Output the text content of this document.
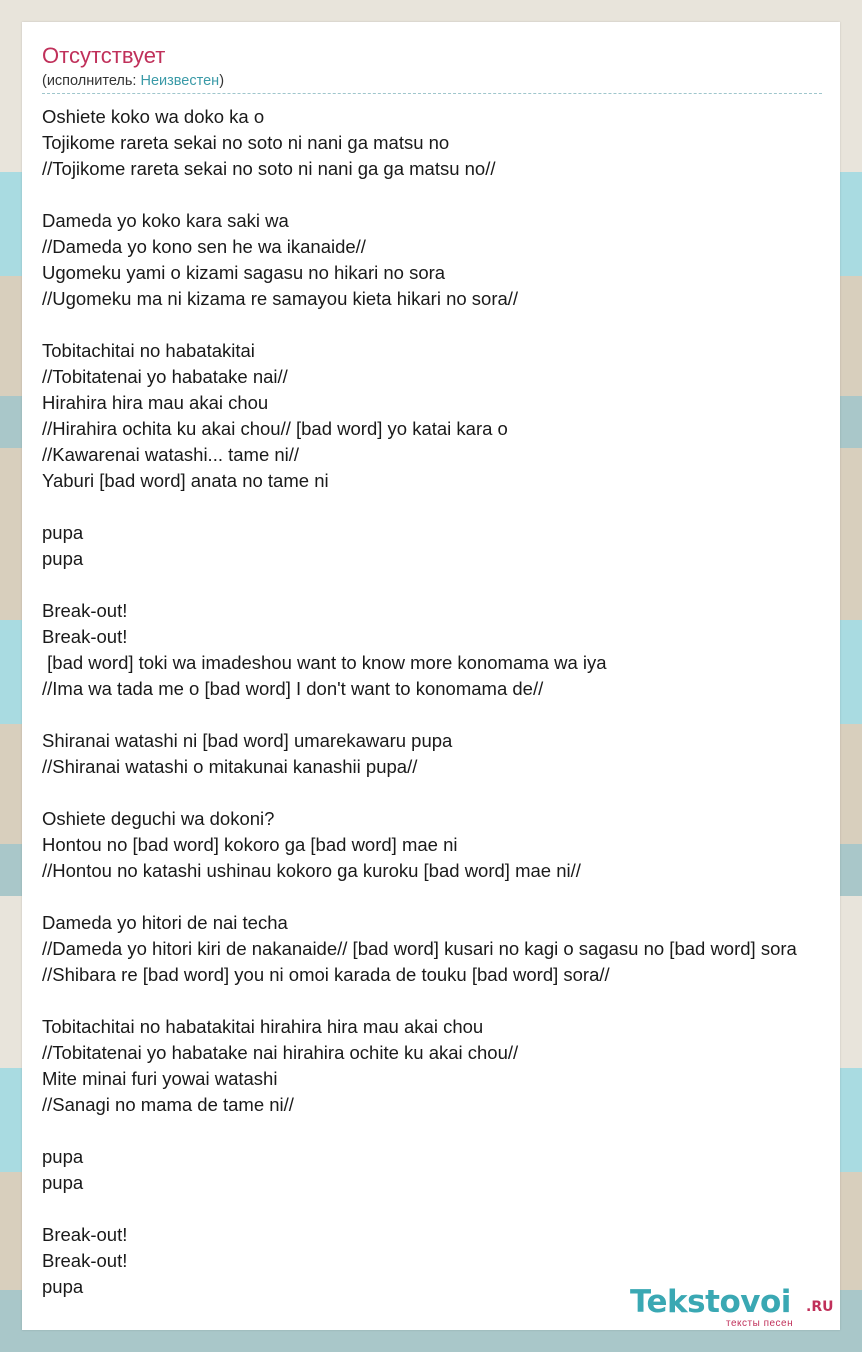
Отсутствует
(исполнитель: Неизвестен)
Oshiete koko wa doko ka o
Tojikome rareta sekai no soto ni nani ga matsu no
//Tojikome rareta sekai no soto ni nani ga ga matsu no//
Dameda yo koko kara saki wa
//Dameda yo kono sen he wa ikanaide//
Ugomeku yami o kizami sagasu no hikari no sora
//Ugomeku ma ni kizama re samayou kieta hikari no sora//
Tobitachitai no habatakitai
//Tobitatenai yo habatake nai//
Hirahira hira mau akai chou
//Hirahira ochita ku akai chou// [bad word] yo katai kara o
//Kawarenai watashi... tame ni//
Yaburi [bad word] anata no tame ni
pupa
pupa
Break-out!
Break-out!
[bad word] toki wa imadeshou want to know more konomama wa iya
//Ima wa tada me o [bad word] I don't want to konomama de//
Shiranai watashi ni [bad word] umarekawaru pupa
//Shiranai watashi o mitakunai kanashii pupa//
Oshiete deguchi wa dokoni?
Hontou no [bad word] kokoro ga [bad word] mae ni
//Hontou no katashi ushinau kokoro ga kuroku [bad word] mae ni//
Dameda yo hitori de nai techa
//Dameda yo hitori kiri de nakanaide// [bad word] kusari no kagi o sagasu no [bad word] sora
//Shibara re [bad word] you ni omoi karada de touku [bad word] sora//
Tobitachitai no habatakitai hirahira hira mau akai chou
//Tobitatenai yo habatake nai hirahira ochite ku akai chou//
Mite minai furi yowai watashi
//Sanagi no mama de tame ni//
pupa
pupa
Break-out!
Break-out!
pupa	Tekstovoi .RU
тексты песен
